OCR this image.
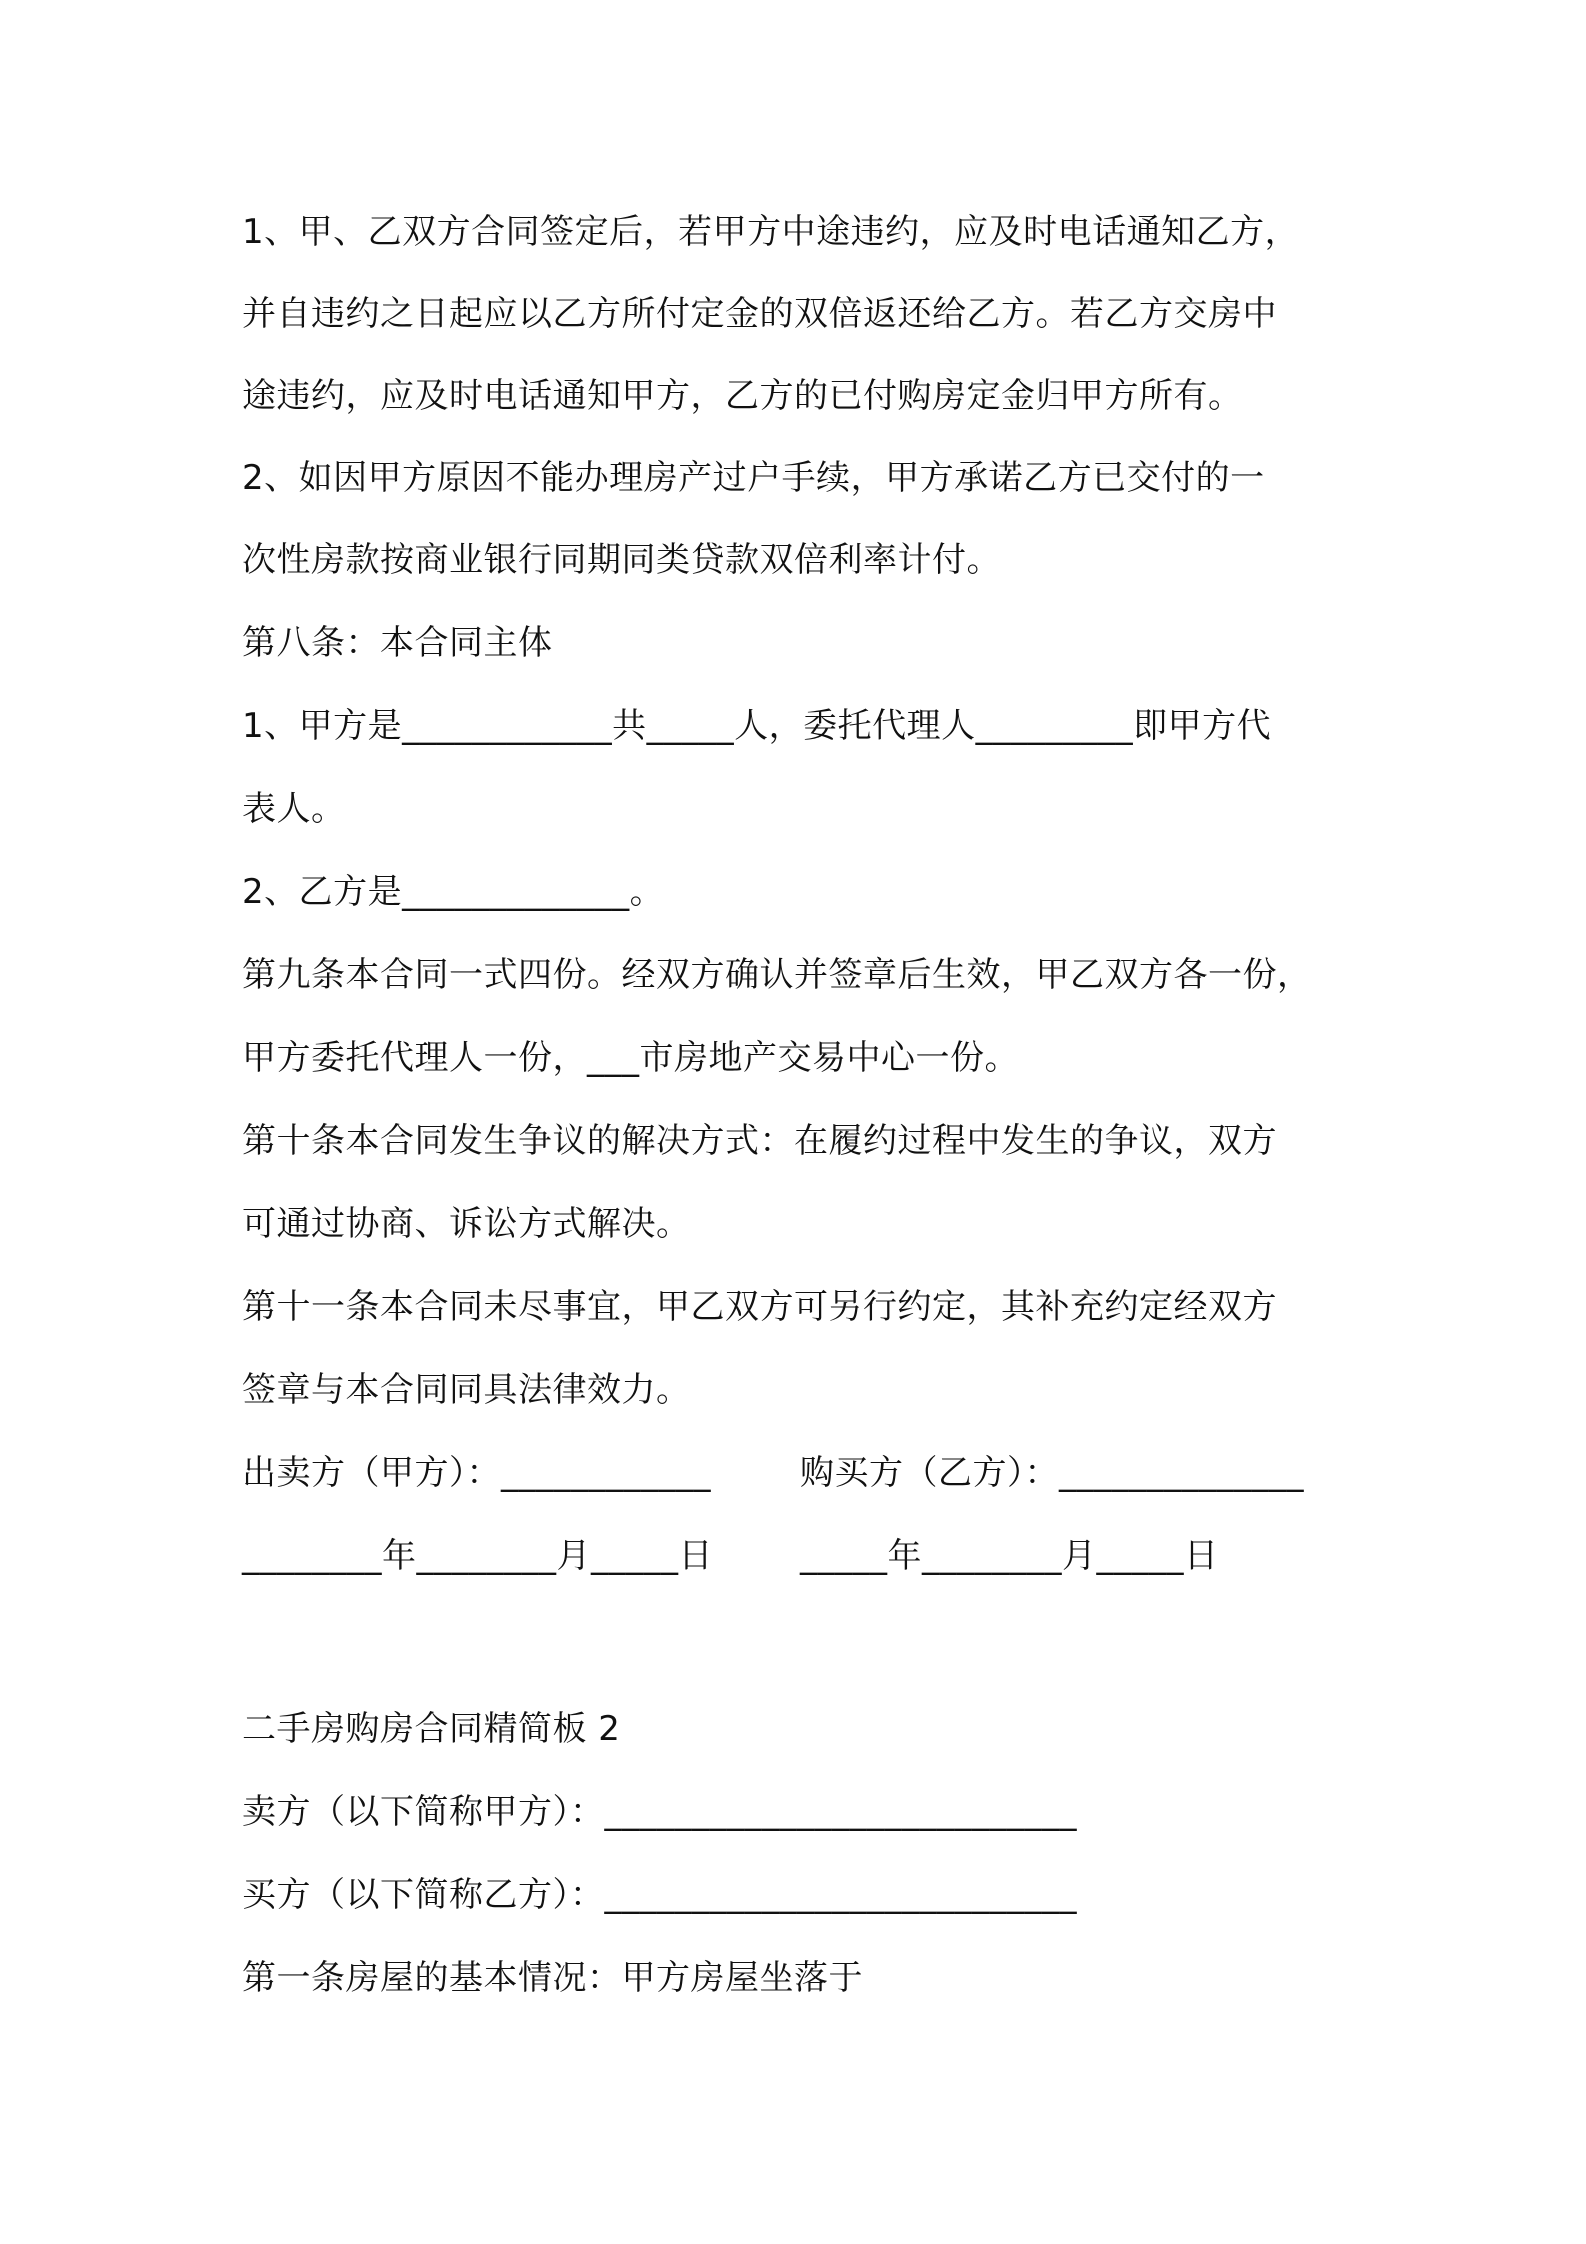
1、甲、乙双方合同签定后，若甲方中途违约，应及时电话通知乙方，
并自违约之日起应以乙方所付定金的双倍返还给乙方。若乙方交房中
途违约，应及时电话通知甲方，乙方的已付购房定金归甲方所有。
2、如因甲方原因不能办理房产过户手续，甲方承诺乙方已交付的一
次性房款按商业银行同期同类贷款双倍利率计付。
第八条：本合同主体
1、甲方是____________共_____人，委托代理人_________即甲方代
表人。
2、乙方是_____________。
第九条本合同一式四份。经双方确认并签章后生效，甲乙双方各一份，
甲方委托代理人一份，___市房地产交易中心一份。
第十条本合同发生争议的解决方式：在履约过程中发生的争议，双方
可通过协商、诉讼方式解决。
第十一条本合同未尽事宜，甲乙双方可另行约定，其补充约定经双方
签章与本合同同具法律效力。
出卖方（甲方）：____________	购买方（乙方）：______________
________年________月_____日	_____年________月_____日
二手房购房合同精简板 2
卖方（以下简称甲方）：___________________________
买方（以下简称乙方）：___________________________
第一条房屋的基本情况：甲方房屋坐落于
